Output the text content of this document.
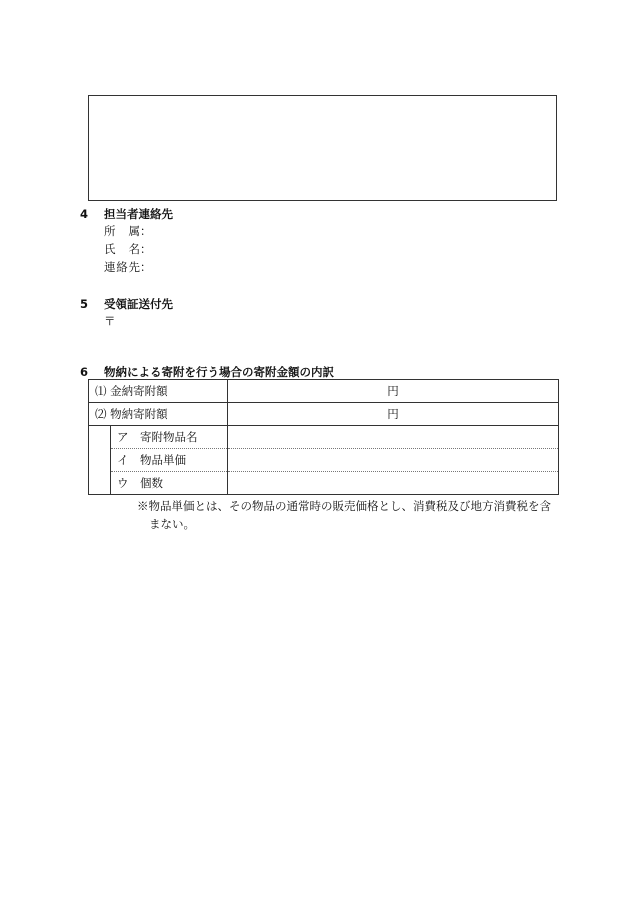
4 担当者連絡先
所属：
氏名：
連絡先：
5 受領証送付先
〒
6 物納による寄附を行う場合の寄附金額の内訳
⑴ 金納寄附額		円
⑵ 物納寄附額		円
	ア　寄附物品名	
	イ　物品単価	
	ウ　個数	
※物品単価とは、その物品の通常時の販売価格とし、消費税及び地方消費税を含
まない。
